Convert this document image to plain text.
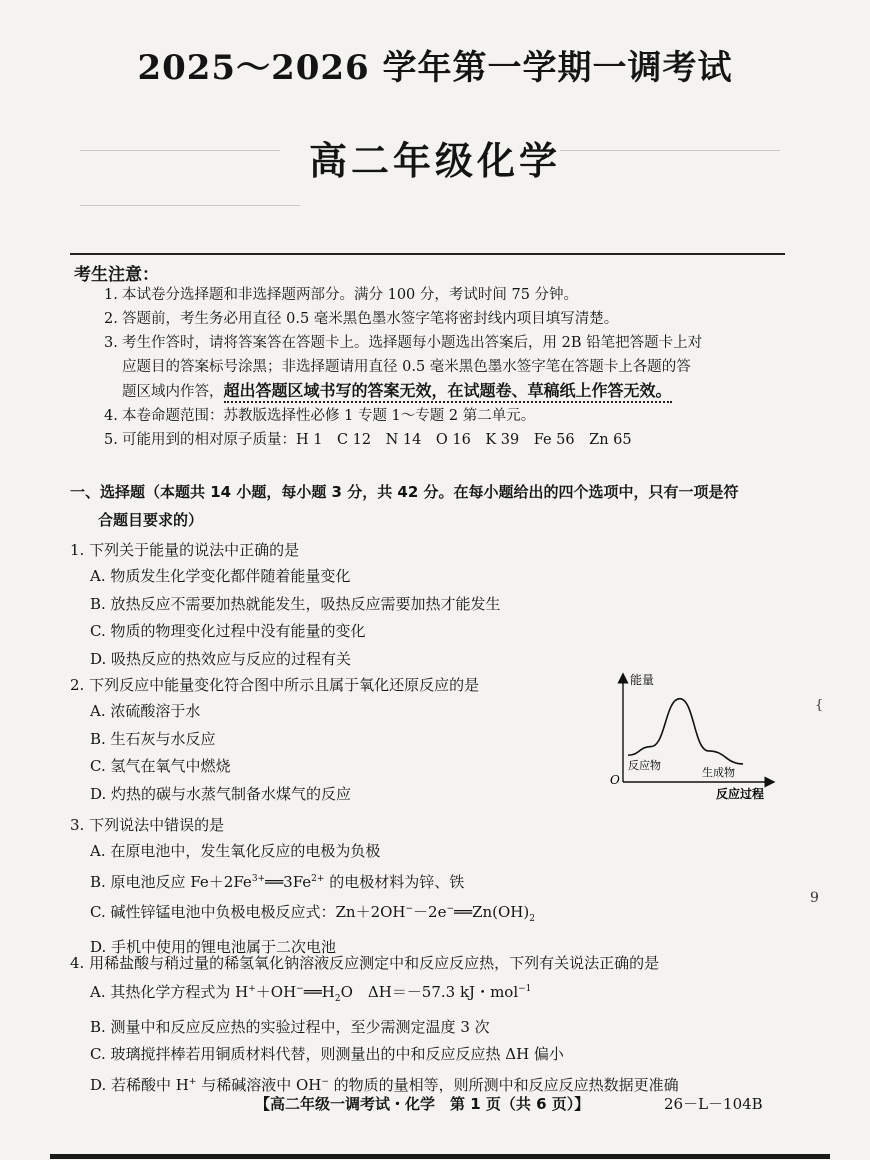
2025～2026 学年第一学期一调考试
高二年级化学
考生注意：
1. 本试卷分选择题和非选择题两部分。满分 100 分，考试时间 75 分钟。
2. 答题前，考生务必用直径 0.5 毫米黑色墨水签字笔将密封线内项目填写清楚。
3. 考生作答时，请将答案答在答题卡上。选择题每小题选出答案后，用 2B 铅笔把答题卡上对
应题目的答案标号涂黑；非选择题请用直径 0.5 毫米黑色墨水签字笔在答题卡上各题的答
题区域内作答，超出答题区域书写的答案无效，在试题卷、草稿纸上作答无效。
4. 本卷命题范围：苏教版选择性必修 1 专题 1～专题 2 第二单元。
5. 可能用到的相对原子质量：H 1　C 12　N 14　O 16　K 39　Fe 56　Zn 65
一、选择题（本题共 14 小题，每小题 3 分，共 42 分。在每小题给出的四个选项中，只有一项是符
合题目要求的）
1. 下列关于能量的说法中正确的是
A. 物质发生化学变化都伴随着能量变化
B. 放热反应不需要加热就能发生，吸热反应需要加热才能发生
C. 物质的物理变化过程中没有能量的变化
D. 吸热反应的热效应与反应的过程有关
2. 下列反应中能量变化符合图中所示且属于氧化还原反应的是
A. 浓硫酸溶于水
B. 生石灰与水反应
C. 氢气在氧气中燃烧
D. 灼热的碳与水蒸气制备水煤气的反应
能量
O
反应过程
反应物
生成物
3. 下列说法中错误的是
A. 在原电池中，发生氧化反应的电极为负极
B. 原电池反应 $Fe+2Fe^{3+}══3Fe^{2+}$ 的电极材料为锌、铁
C. 碱性锌锰电池中负极电极反应式：$Zn+2OH^--2e^-══Zn(OH)_2$
D. 手机中使用的锂电池属于二次电池
4. 用稀盐酸与稍过量的稀氢氧化钠溶液反应测定中和反应反应热，下列有关说法正确的是
A. 其热化学方程式为 $H^++OH^-══H_2O$　ΔH＝－57.3 kJ・mol$^{-1}$
B. 测量中和反应反应热的实验过程中，至少需测定温度 3 次
C. 玻璃搅拌棒若用铜质材料代替，则测量出的中和反应反应热 ΔH 偏小
D. 若稀酸中 H+ 与稀碱溶液中 OH− 的物质的量相等，则所测中和反应反应热数据更准确
【高二年级一调考试・化学　第 1 页（共 6 页）】	26－L－104B
{
9
